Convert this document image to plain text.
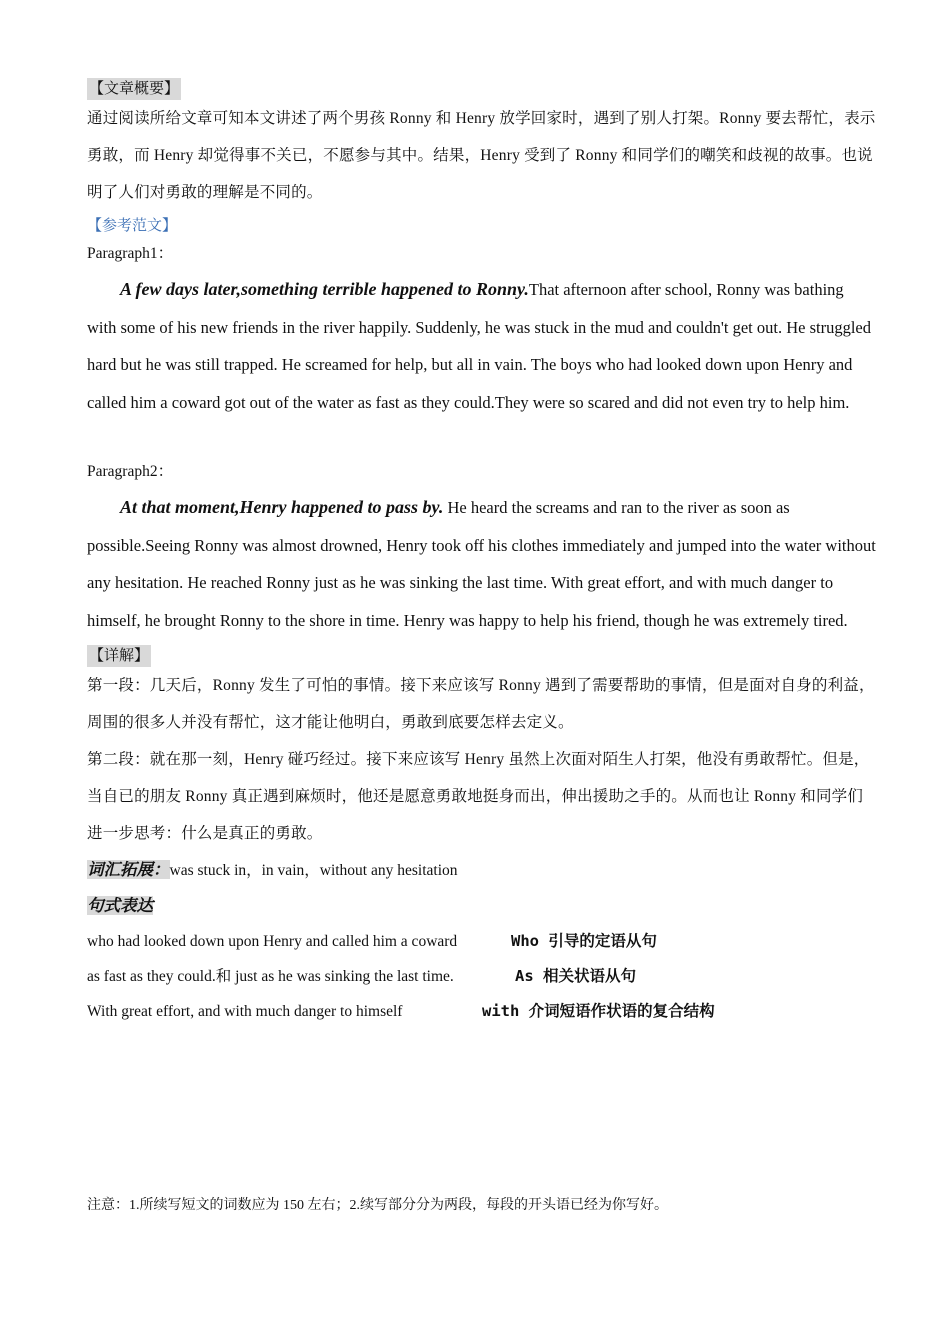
【文章概要】

通过阅读所给文章可知本文讲述了两个男孩 Ronny 和 Henry 放学回家时，遇到了别人打架。Ronny 要去帮忙，表示勇敢，而 Henry 却觉得事不关已，不愿参与其中。结果，Henry 受到了 Ronny 和同学们的嘲笑和歧视的故事。也说明了人们对勇敢的理解是不同的。

【参考范文】

Paragraph1：

A few days later,something terrible happened to Ronny.That afternoon after school, Ronny was bathing with some of his new friends in the river happily. Suddenly, he was stuck in the mud and couldn't get out. He struggled hard but he was still trapped. He screamed for help, but all in vain. The boys who had looked down upon Henry and called him a coward got out of the water as fast as they could.They were so scared and did not even try to help him.

Paragraph2：

At that moment,Henry happened to pass by. He heard the screams and ran to the river as soon as possible.Seeing Ronny was almost drowned, Henry took off his clothes immediately and jumped into the water without any hesitation. He reached Ronny just as he was sinking the last time. With great effort, and with much danger to himself, he brought Ronny to the shore in time. Henry was happy to help his friend, though he was extremely tired.

【详解】

第一段：几天后，Ronny 发生了可怕的事情。接下来应该写 Ronny 遇到了需要帮助的事情，但是面对自身的利益，周围的很多人并没有帮忙，这才能让他明白，勇敢到底要怎样去定义。

第二段：就在那一刻，Henry 碰巧经过。接下来应该写 Henry 虽然上次面对陌生人打架，他没有勇敢帮忙。但是，当自已的朋友 Ronny 真正遇到麻烦时，他还是愿意勇敢地挺身而出，伸出援助之手的。从而也让 Ronny 和同学们进一步思考：什么是真正的勇敢。

词汇拓展：was stuck in，in vain，without any hesitation

句式表达

who had looked down upon Henry and called him a coward	Who 引导的定语从句

as fast as they could.和 just as he was sinking the last time.	As 相关状语从句

With great effort, and with much danger to himself	with 介词短语作状语的复合结构

注意：1.所续写短文的词数应为 150 左右；2.续写部分分为两段，每段的开头语已经为你写好。
